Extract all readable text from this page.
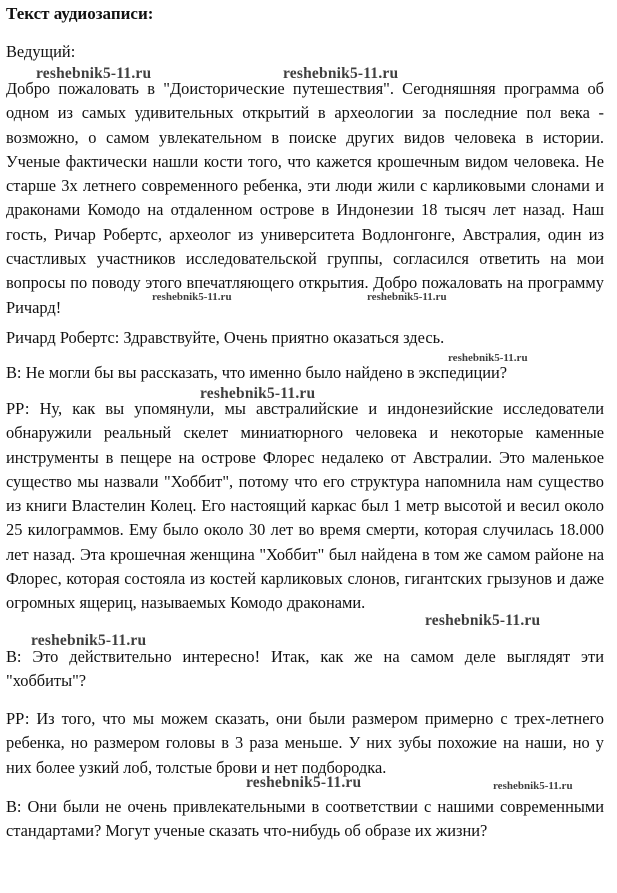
Текст аудиозаписи:
Ведущий:
Добро пожаловать в "Доисторические путешествия". Сегодняшняя программа об одном из самых удивительных открытий в археологии за последние пол века - возможно, о самом увлекательном в поиске других видов человека в истории. Ученые фактически нашли кости того, что кажется крошечным видом человека. Не старше 3х летнего современного ребенка, эти люди жили с карликовыми слонами и драконами Комодо на отдаленном острове в Индонезии 18 тысяч лет назад. Наш гость, Ричар Робертс, археолог из университета Водлонгонге, Австралия, один из счастливых участников исследовательской группы, согласился ответить на мои вопросы по поводу этого впечатляющего открытия. Добро пожаловать на программу Ричард!
Ричард Робертс: Здравствуйте, Очень приятно оказаться здесь.
В: Не могли бы вы рассказать, что именно было найдено в экспедиции?
РР: Ну, как вы упомянули, мы австралийские и индонезийские исследователи обнаружили реальный скелет миниатюрного человека и некоторые каменные инструменты в пещере на острове Флорес недалеко от Австралии. Это маленькое существо мы назвали "Хоббит", потому что его структура напомнила нам существо из книги Властелин Колец. Его настоящий каркас был 1 метр высотой и весил около 25 килограммов. Ему было около 30 лет во время смерти, которая случилась 18.000 лет назад. Эта крошечная женщина "Хоббит" был найдена в том же самом районе на Флорес, которая состояла из костей карликовых слонов, гигантских грызунов и даже огромных ящериц, называемых Комодо драконами.
В: Это действительно интересно! Итак, как же на самом деле выглядят эти "хоббиты"?
РР: Из того, что мы можем сказать, они были размером примерно с трех-летнего ребенка, но размером головы в 3 раза меньше. У них зубы похожие на наши, но у них более узкий лоб, толстые брови и нет подбородка.
В: Они были не очень привлекательными в соответствии с нашими современными стандартами? Могут ученые сказать что-нибудь об образе их жизни?
reshebnik5-11.ru	reshebnik5-11.ru
reshebnik5-11.ru	reshebnik5-11.ru
reshebnik5-11.ru
reshebnik5-11.ru
reshebnik5-11.ru
reshebnik5-11.ru
reshebnik5-11.ru	reshebnik5-11.ru
